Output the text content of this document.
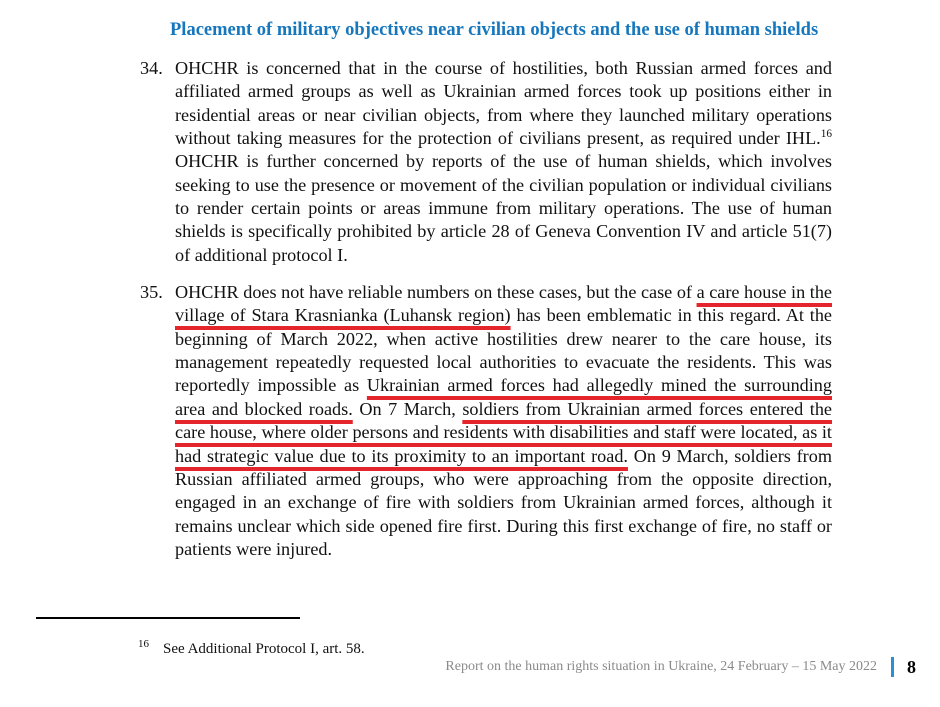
Placement of military objectives near civilian objects and the use of human shields
34. OHCHR is concerned that in the course of hostilities, both Russian armed forces and affiliated armed groups as well as Ukrainian armed forces took up positions either in residential areas or near civilian objects, from where they launched military operations without taking measures for the protection of civilians present, as required under IHL.$^{16}$ OHCHR is further concerned by reports of the use of human shields, which involves seeking to use the presence or movement of the civilian population or individual civilians to render certain points or areas immune from military operations. The use of human shields is specifically prohibited by article 28 of Geneva Convention IV and article 51(7) of additional protocol I.
35. OHCHR does not have reliable numbers on these cases, but the case of a care house in the village of Stara Krasnianka (Luhansk region) has been emblematic in this regard. At the beginning of March 2022, when active hostilities drew nearer to the care house, its management repeatedly requested local authorities to evacuate the residents. This was reportedly impossible as Ukrainian armed forces had allegedly mined the surrounding area and blocked roads. On 7 March, soldiers from Ukrainian armed forces entered the care house, where older persons and residents with disabilities and staff were located, as it had strategic value due to its proximity to an important road. On 9 March, soldiers from Russian affiliated armed groups, who were approaching from the opposite direction, engaged in an exchange of fire with soldiers from Ukrainian armed forces, although it remains unclear which side opened fire first. During this first exchange of fire, no staff or patients were injured.
$^{16}$ See Additional Protocol I, art. 58.
Report on the human rights situation in Ukraine, 24 February – 15 May 2022 8
